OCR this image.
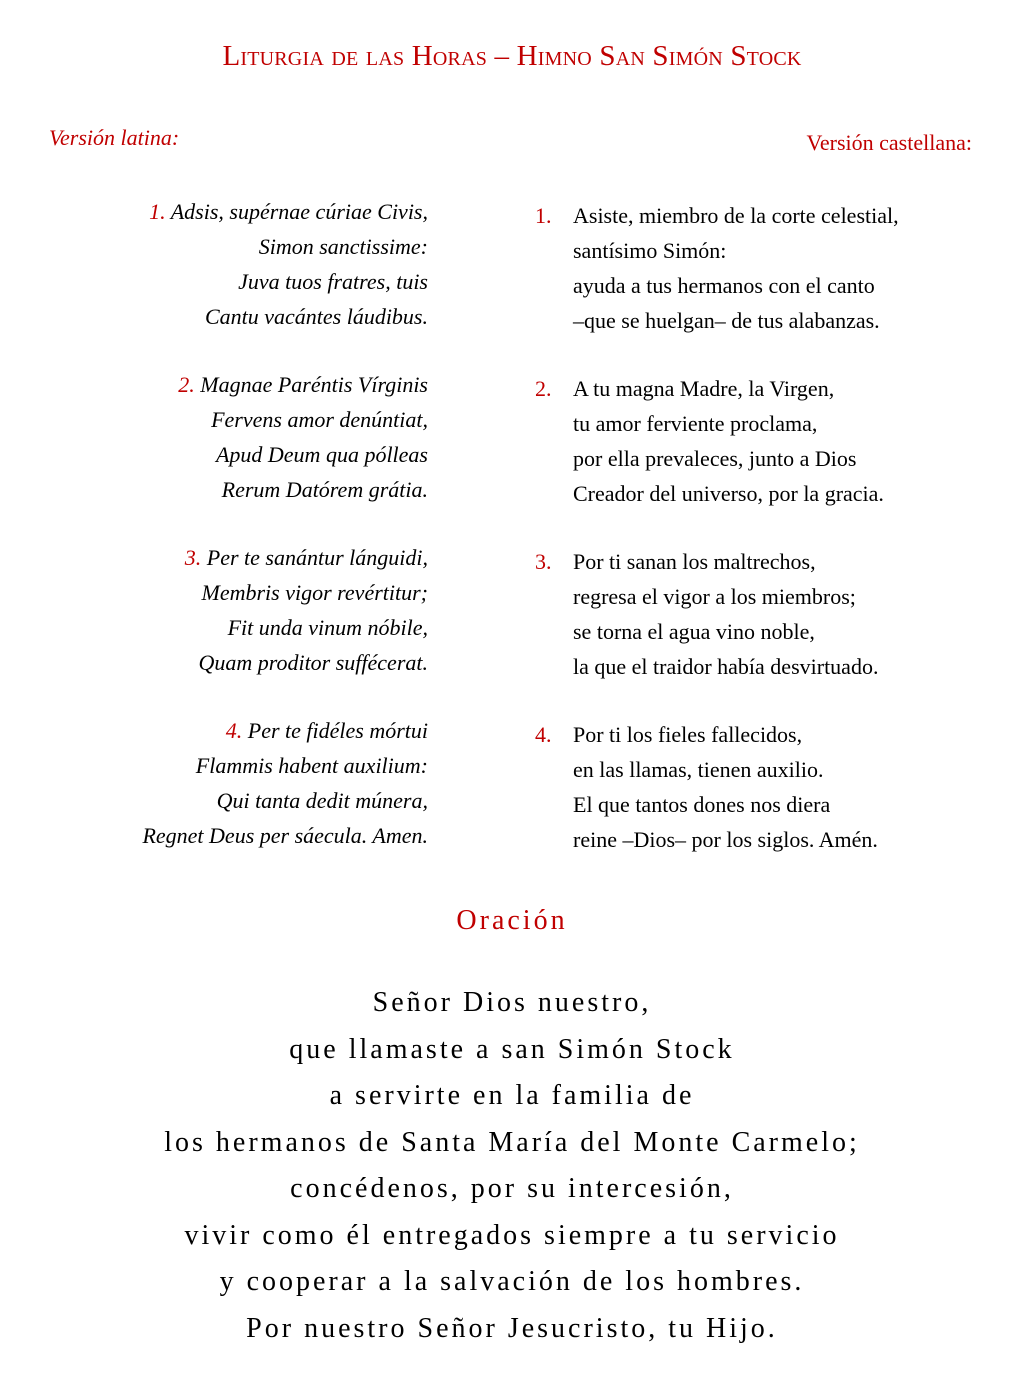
Liturgia de las Horas – Himno San Simón Stock
Versión latina:	Versión castellana:
1. Adsis, supérnae cúriae Civis,
Simon sanctissime:
Juva tuos fratres, tuis
Cantu vacántes láudibus.
2. Magnae Paréntis Vírginis
Fervens amor denúntiat,
Apud Deum qua pólleas
Rerum Datórem grátia.
3. Per te sanántur lánguidi,
Membris vigor revértitur;
Fit unda vinum nóbile,
Quam proditor suffécerat.
4. Per te fidéles mórtui
Flammis habent auxilium:
Qui tanta dedit múnera,
Regnet Deus per sáecula. Amen.
1. Asiste, miembro de la corte celestial,
santísimo Simón:
ayuda a tus hermanos con el canto
–que se huelgan– de tus alabanzas.
2. A tu magna Madre, la Virgen,
tu amor ferviente proclama,
por ella prevaleces, junto a Dios
Creador del universo, por la gracia.
3. Por ti sanan los maltrechos,
regresa el vigor a los miembros;
se torna el agua vino noble,
la que el traidor había desvirtuado.
4. Por ti los fieles fallecidos,
en las llamas, tienen auxilio.
El que tantos dones nos diera
reine –Dios– por los siglos. Amén.
Oración
Señor Dios nuestro,
que llamaste a san Simón Stock
a servirte en la familia de
los hermanos de Santa María del Monte Carmelo;
concédenos, por su intercesión,
vivir como él entregados siempre a tu servicio
y cooperar a la salvación de los hombres.
Por nuestro Señor Jesucristo, tu Hijo.
